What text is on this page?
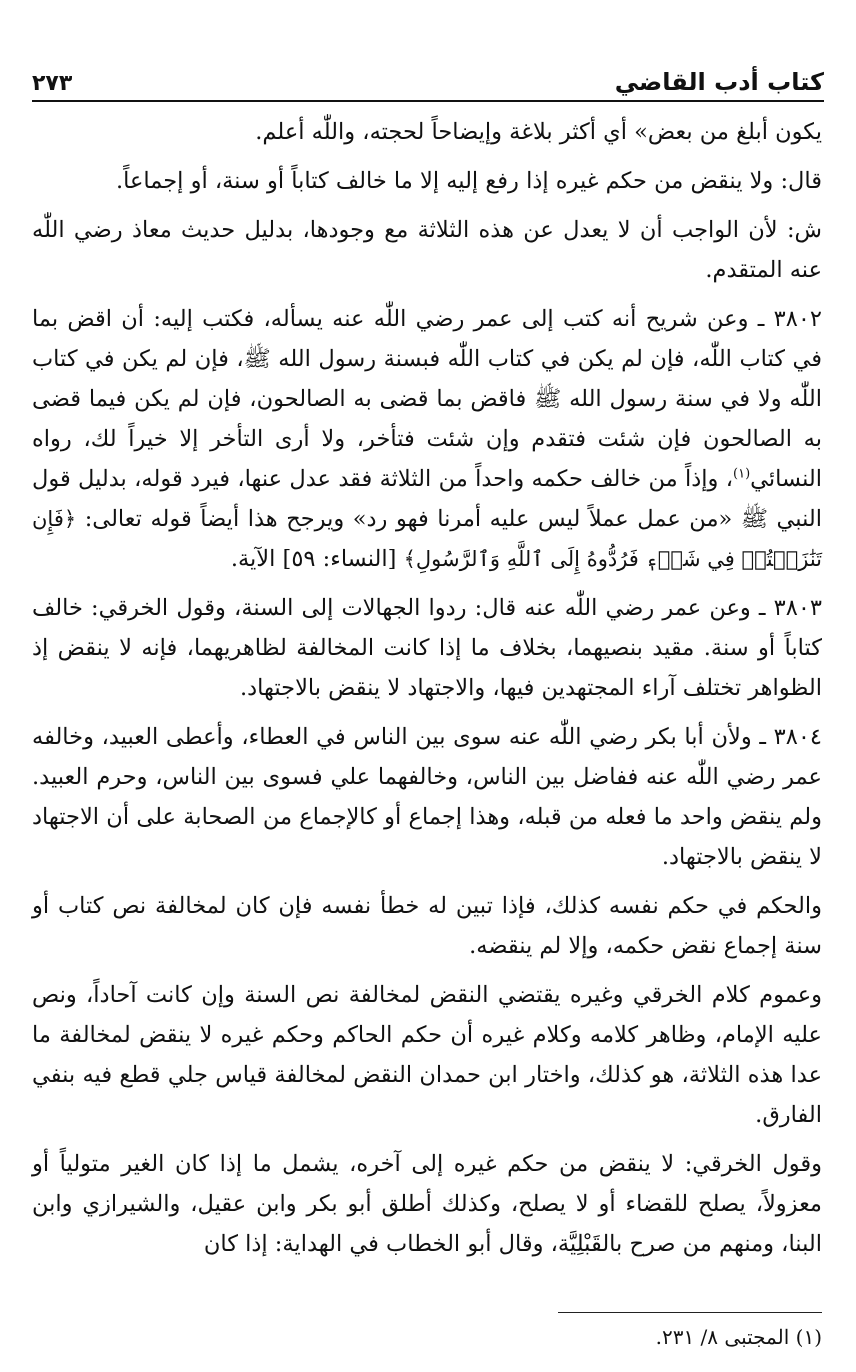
كتاب أدب القاضي
٢٧٣

يكون أبلغ من بعض» أي أكثر بلاغة وإيضاحاً لحجته، واللّٰه أعلم.

قال: ولا ينقض من حكم غيره إذا رفع إليه إلا ما خالف كتاباً أو سنة، أو إجماعاً.

ش: لأن الواجب أن لا يعدل عن هذه الثلاثة مع وجودها، بدليل حديث معاذ رضي اللّٰه عنه المتقدم.

٣٨٠٢ ـ وعن شريح أنه كتب إلى عمر رضي اللّٰه عنه يسأله، فكتب إليه: أن اقض بما في كتاب اللّٰه، فإن لم يكن في كتاب اللّٰه فبسنة رسول الله ﷺ، فإن لم يكن في كتاب اللّٰه ولا في سنة رسول الله ﷺ فاقض بما قضى به الصالحون، فإن لم يكن فيما قضى به الصالحون فإن شئت فتقدم وإن شئت فتأخر، ولا أرى التأخر إلا خيراً لك، رواه النسائي$^{(١)}$، وإذاً من خالف حكمه واحداً من الثلاثة فقد عدل عنها، فيرد قوله، بدليل قول النبي ﷺ «من عمل عملاً ليس عليه أمرنا فهو رد» ويرجح هذا أيضاً قوله تعالى: ﴿فَإِن تَنَٰزَعۡتُمۡ فِي شَيۡءٖ فَرُدُّوهُ إِلَى ٱللَّهِ وَٱلرَّسُولِ﴾ [النساء: ٥٩] الآية.

٣٨٠٣ ـ وعن عمر رضي اللّٰه عنه قال: ردوا الجهالات إلى السنة، وقول الخرقي: خالف كتاباً أو سنة. مقيد بنصيهما، بخلاف ما إذا كانت المخالفة لظاهريهما، فإنه لا ينقض إذ الظواهر تختلف آراء المجتهدين فيها، والاجتهاد لا ينقض بالاجتهاد.

٣٨٠٤ ـ ولأن أبا بكر رضي اللّٰه عنه سوى بين الناس في العطاء، وأعطى العبيد، وخالفه عمر رضي اللّٰه عنه ففاضل بين الناس، وخالفهما علي فسوى بين الناس، وحرم العبيد. ولم ينقض واحد ما فعله من قبله، وهذا إجماع أو كالإجماع من الصحابة على أن الاجتهاد لا ينقض بالاجتهاد.

والحكم في حكم نفسه كذلك، فإذا تبين له خطأ نفسه فإن كان لمخالفة نص كتاب أو سنة إجماع نقض حكمه، وإلا لم ينقضه.

وعموم كلام الخرقي وغيره يقتضي النقض لمخالفة نص السنة وإن كانت آحاداً، ونص عليه الإمام، وظاهر كلامه وكلام غيره أن حكم الحاكم وحكم غيره لا ينقض لمخالفة ما عدا هذه الثلاثة، هو كذلك، واختار ابن حمدان النقض لمخالفة قياس جلي قطع فيه بنفي الفارق.

وقول الخرقي: لا ينقض من حكم غيره إلى آخره، يشمل ما إذا كان الغير متولياً أو معزولاً، يصلح للقضاء أو لا يصلح، وكذلك أطلق أبو بكر وابن عقيل، والشيرازي وابن البنا، ومنهم من صرح بالقَبْلِيَّة، وقال أبو الخطاب في الهداية: إذا كان

(١) المجتبى ٨/ ٢٣١.
